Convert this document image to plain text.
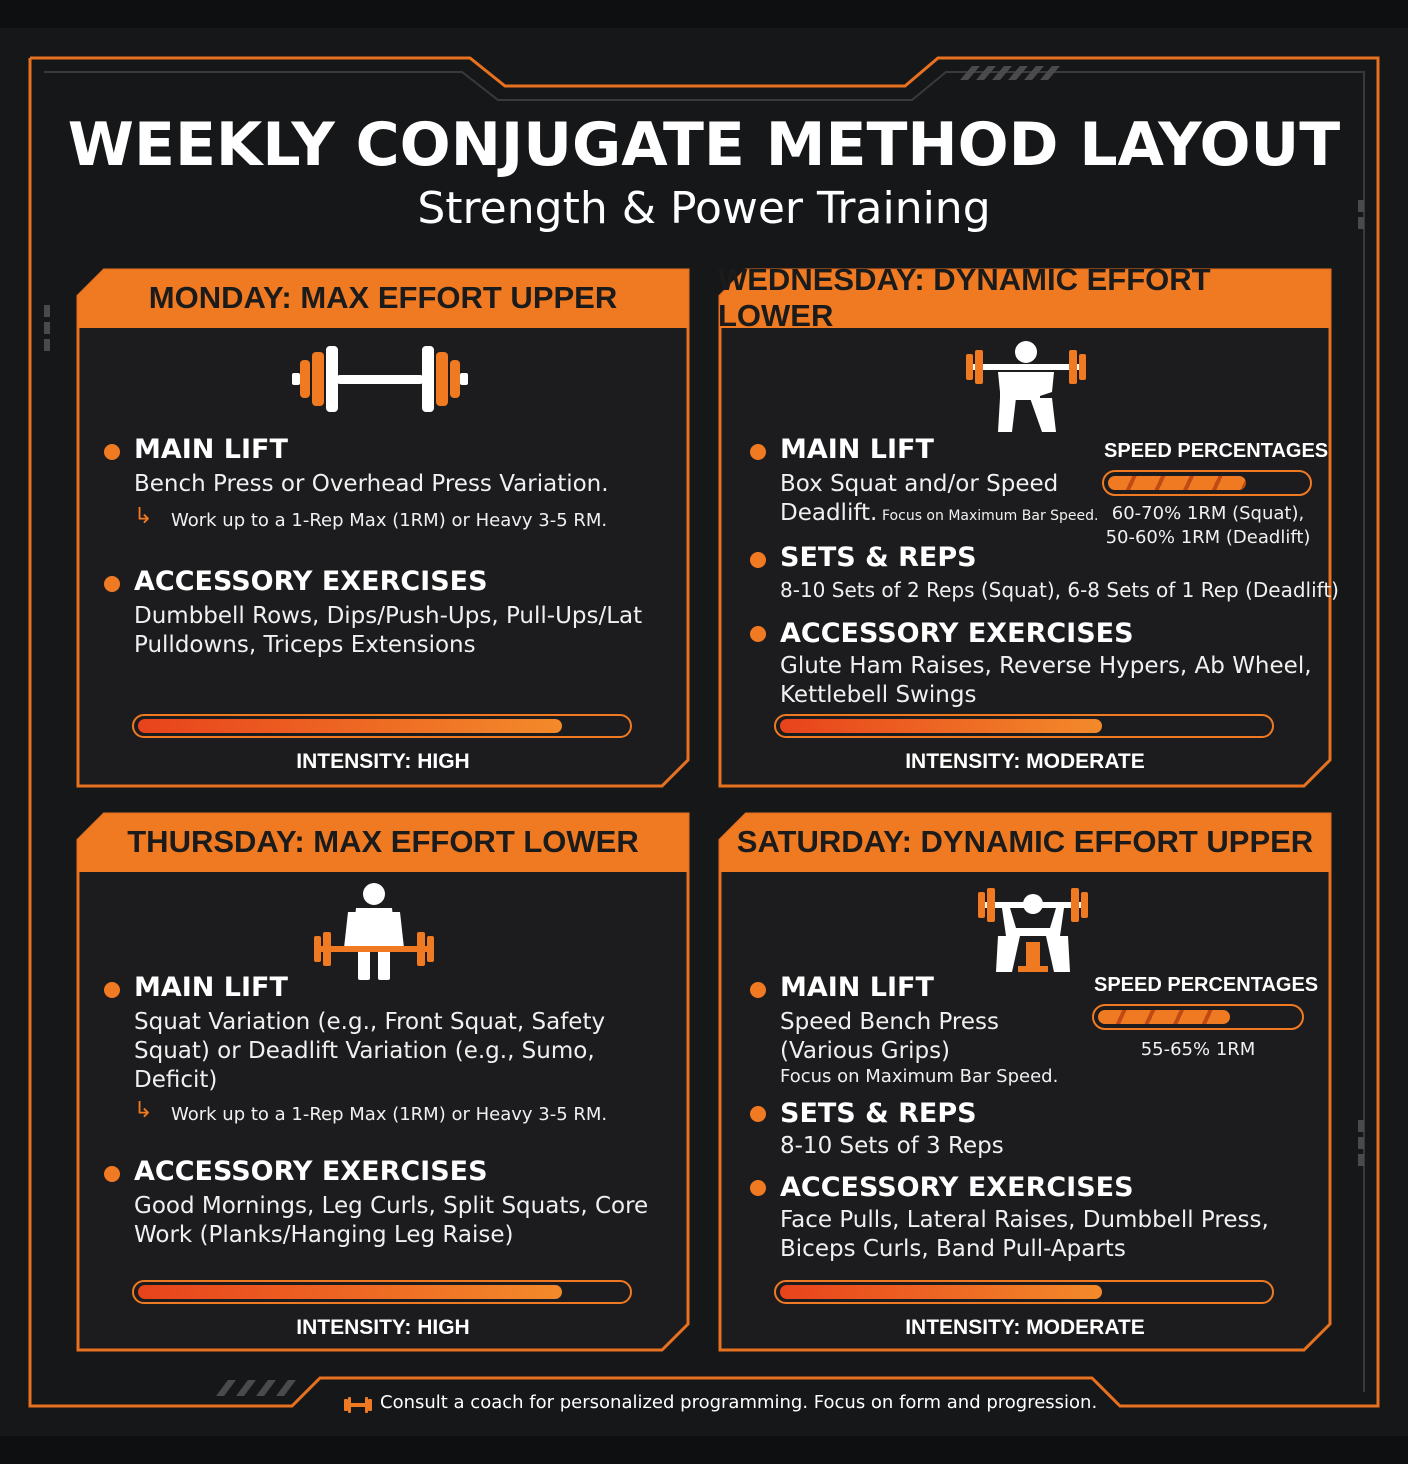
WEEKLY CONJUGATE METHOD LAYOUT
Strength & Power Training
MONDAY: MAX EFFORT UPPER
MAIN LIFT
Bench Press or Overhead Press Variation.
↳ Work up to a 1-Rep Max (1RM) or Heavy 3-5 RM.
ACCESSORY EXERCISES
Dumbbell Rows, Dips/Push-Ups, Pull-Ups/Lat Pulldowns, Triceps Extensions
INTENSITY: HIGH
WEDNESDAY: DYNAMIC EFFORT LOWER
MAIN LIFT
Box Squat and/or Speed Deadlift. Focus on Maximum Bar Speed.
SPEED PERCENTAGES
60-70% 1RM (Squat),
50-60% 1RM (Deadlift)
SETS & REPS
8-10 Sets of 2 Reps (Squat), 6-8 Sets of 1 Rep (Deadlift)
ACCESSORY EXERCISES
Glute Ham Raises, Reverse Hypers, Ab Wheel, Kettlebell Swings
INTENSITY: MODERATE
THURSDAY: MAX EFFORT LOWER
MAIN LIFT
Squat Variation (e.g., Front Squat, Safety Squat) or Deadlift Variation (e.g., Sumo, Deficit)
↳ Work up to a 1-Rep Max (1RM) or Heavy 3-5 RM.
ACCESSORY EXERCISES
Good Mornings, Leg Curls, Split Squats, Core Work (Planks/Hanging Leg Raise)
INTENSITY: HIGH
SATURDAY: DYNAMIC EFFORT UPPER
MAIN LIFT
Speed Bench Press (Various Grips)
Focus on Maximum Bar Speed.
SPEED PERCENTAGES
55-65% 1RM
SETS & REPS
8-10 Sets of 3 Reps
ACCESSORY EXERCISES
Face Pulls, Lateral Raises, Dumbbell Press, Biceps Curls, Band Pull-Aparts
INTENSITY: MODERATE
Consult a coach for personalized programming. Focus on form and progression.
